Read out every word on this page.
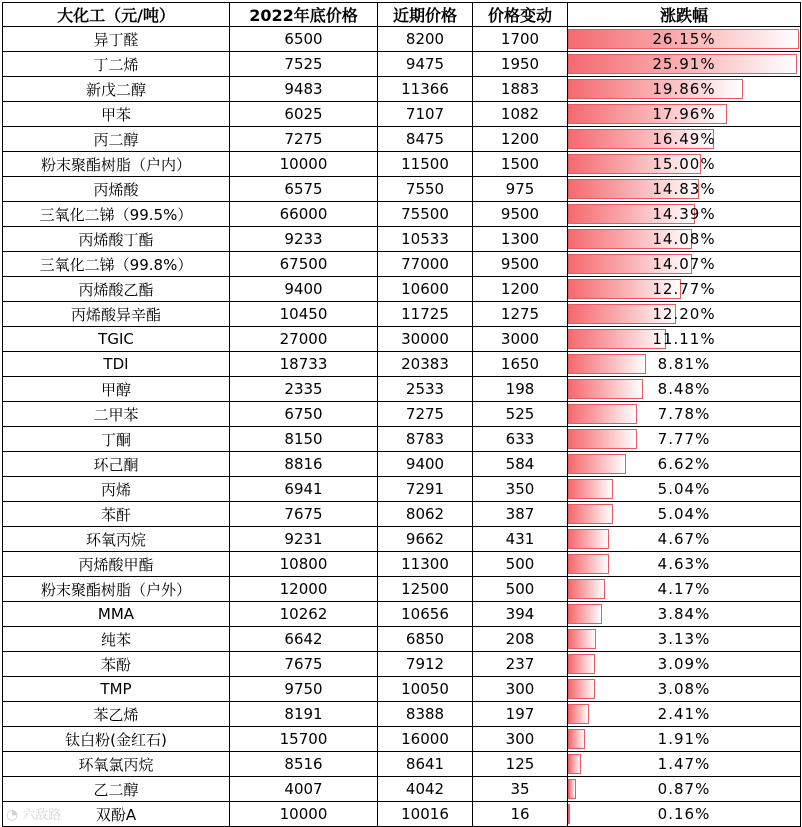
大化工（元/吨）	2022年底价格	近期价格	价格变动	涨跌幅
异丁醛	6500	8200	1700	26.15%
丁二烯	7525	9475	1950	25.91%
新戊二醇	9483	11366	1883	19.86%
甲苯	6025	7107	1082	17.96%
丙二醇	7275	8475	1200	16.49%
粉末聚酯树脂（户内）	10000	11500	1500	15.00%
丙烯酸	6575	7550	975	14.83%
三氧化二锑（99.5%）	66000	75500	9500	14.39%
丙烯酸丁酯	9233	10533	1300	14.08%
三氧化二锑（99.8%）	67500	77000	9500	14.07%
丙烯酸乙酯	9400	10600	1200	12.77%
丙烯酸异辛酯	10450	11725	1275	12.20%
TGIC	27000	30000	3000	11.11%
TDI	18733	20383	1650	8.81%
甲醇	2335	2533	198	8.48%
二甲苯	6750	7275	525	7.78%
丁酮	8150	8783	633	7.77%
环己酮	8816	9400	584	6.62%
丙烯	6941	7291	350	5.04%
苯酐	7675	8062	387	5.04%
环氧丙烷	9231	9662	431	4.67%
丙烯酸甲酯	10800	11300	500	4.63%
粉末聚酯树脂（户外）	12000	12500	500	4.17%
MMA	10262	10656	394	3.84%
纯苯	6642	6850	208	3.13%
苯酚	7675	7912	237	3.09%
TMP	9750	10050	300	3.08%
苯乙烯	8191	8388	197	2.41%
钛白粉(金红石)	15700	16000	300	1.91%
环氧氯丙烷	8516	8641	125	1.47%
乙二醇	4007	4042	35	0.87%
双酚A	10000	10016	16	0.16%
◔ 六敌路
